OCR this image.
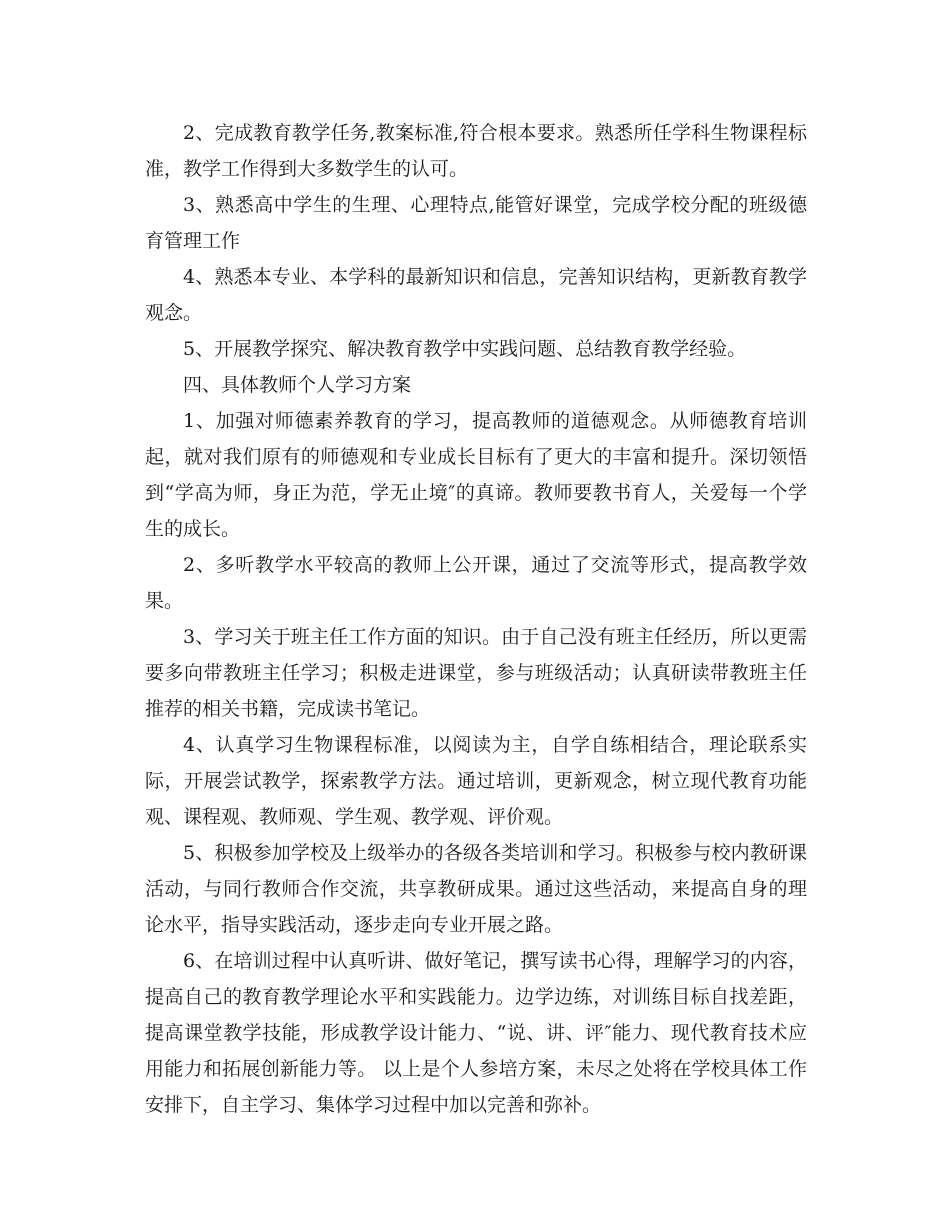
2、完成教育教学任务,教案标准,符合根本要求。熟悉所任学科生物课程标准，教学工作得到大多数学生的认可。

3、熟悉高中学生的生理、心理特点,能管好课堂，完成学校分配的班级德育管理工作

4、熟悉本专业、本学科的最新知识和信息，完善知识结构，更新教育教学观念。

5、开展教学探究、解决教育教学中实践问题、总结教育教学经验。

四、具体教师个人学习方案

1、加强对师德素养教育的学习，提高教师的道德观念。从师德教育培训起，就对我们原有的师德观和专业成长目标有了更大的丰富和提升。深切领悟到“学高为师，身正为范，学无止境″的真谛。教师要教书育人，关爱每一个学生的成长。

2、多听教学水平较高的教师上公开课，通过了交流等形式，提高教学效果。

3、学习关于班主任工作方面的知识。由于自己没有班主任经历，所以更需要多向带教班主任学习；积极走进课堂，参与班级活动；认真研读带教班主任推荐的相关书籍，完成读书笔记。

4、认真学习生物课程标准，以阅读为主，自学自练相结合，理论联系实际，开展尝试教学，探索教学方法。通过培训，更新观念，树立现代教育功能观、课程观、教师观、学生观、教学观、评价观。

5、积极参加学校及上级举办的各级各类培训和学习。积极参与校内教研课活动，与同行教师合作交流，共享教研成果。通过这些活动，来提高自身的理论水平，指导实践活动，逐步走向专业开展之路。

6、在培训过程中认真听讲、做好笔记，撰写读书心得，理解学习的内容，提高自己的教育教学理论水平和实践能力。边学边练，对训练目标自找差距，提高课堂教学技能，形成教学设计能力、“说、讲、评″能力、现代教育技术应用能力和拓展创新能力等。 以上是个人参培方案，未尽之处将在学校具体工作安排下，自主学习、集体学习过程中加以完善和弥补。
